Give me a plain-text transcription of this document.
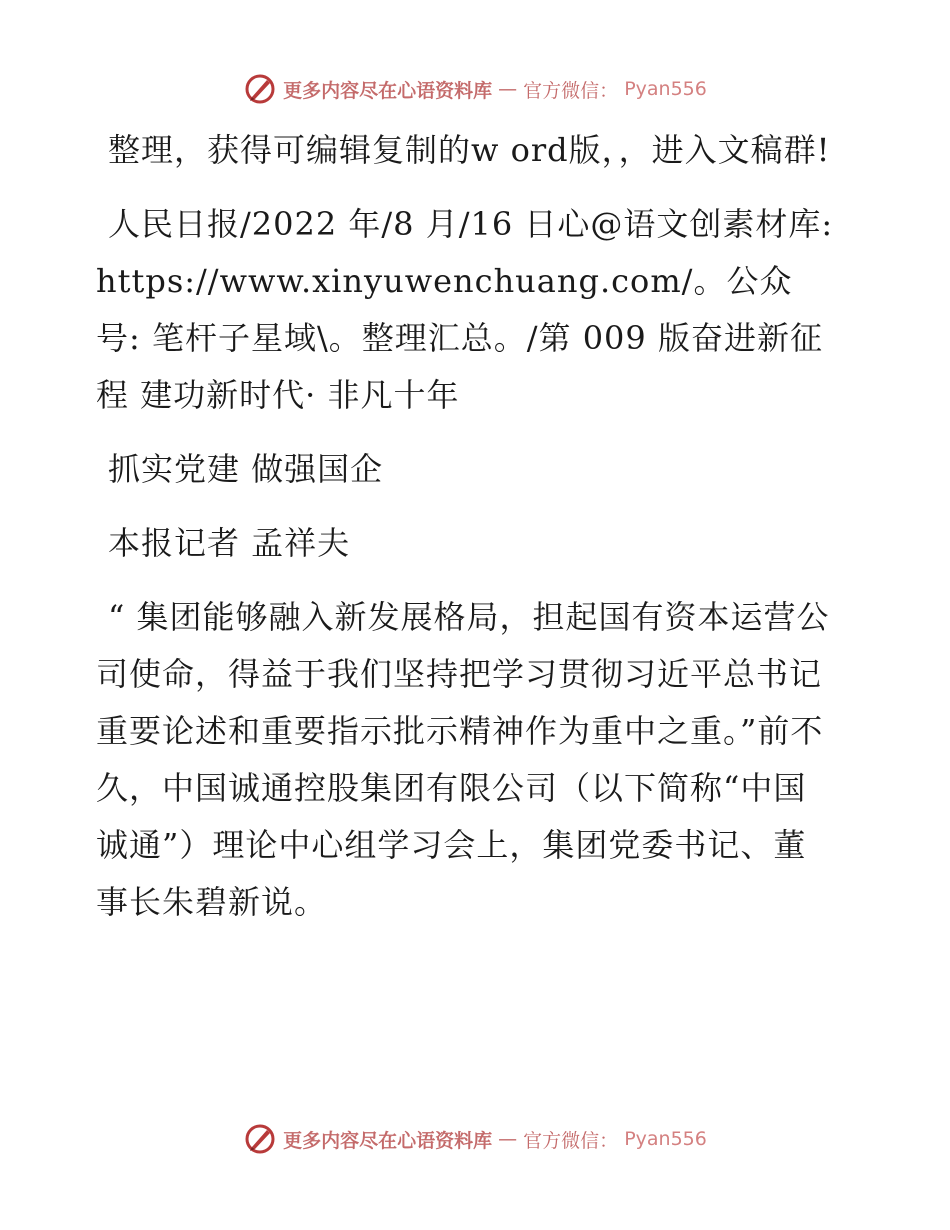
更多内容尽在心语资料库 — 官方微信： Pyan556

整理，获得可编辑复制的w ord版，，进入文稿群!

人民日报/2022 年/8 月/16 日心@语文创素材库: https://www.xinyuwenchuang.com/。公众号: 笔杆子星域\。整理汇总。/第 009 版奋进新征程 建功新时代· 非凡十年

抓实党建 做强国企

本报记者 孟祥夫

“ 集团能够融入新发展格局，担起国有资本运营公司使命，得益于我们坚持把学习贯彻习近平总书记重要论述和重要指示批示精神作为重中之重。”前不久，中国诚通控股集团有限公司（以下简称“中国诚通”）理论中心组学习会上，集团党委书记、董事长朱碧新说。

更多内容尽在心语资料库 — 官方微信： Pyan556
